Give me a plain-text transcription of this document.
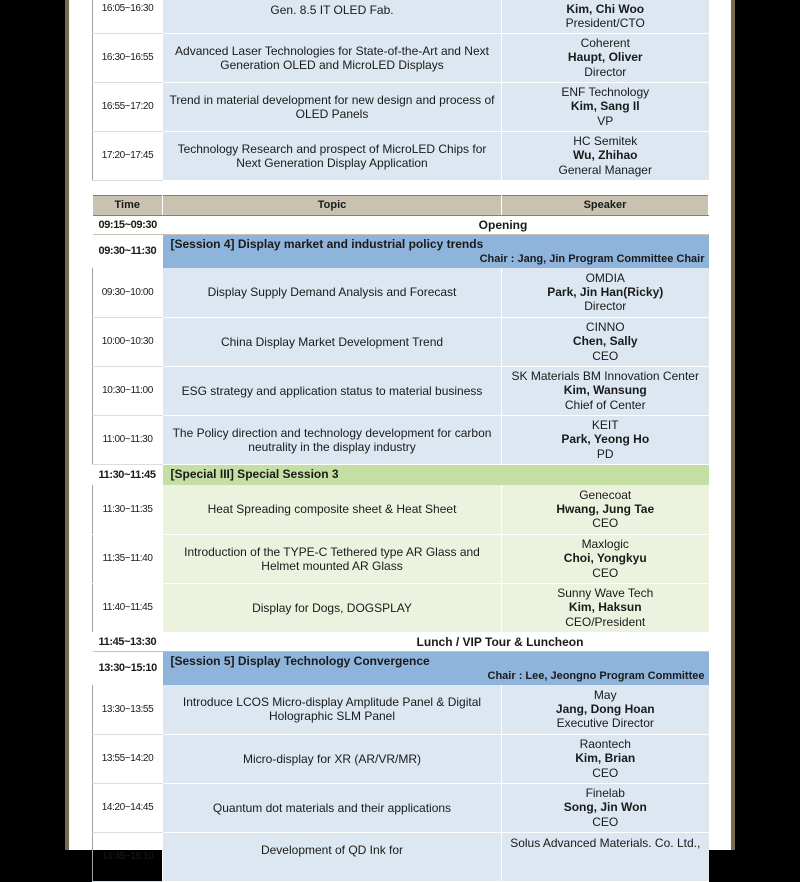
16:05~16:30	Gen. 8.5 IT OLED Fab.	Kim, Chi Woo
President/CTO
16:30~16:55	Advanced Laser Technologies for State-of-the-Art and Next Generation OLED and MicroLED Displays	Coherent
Haupt, Oliver
Director
16:55~17:20	Trend in material development for new design and process of OLED Panels	ENF Technology
Kim, Sang Il
VP
17:20~17:45	Technology Research and prospect of MicroLED Chips for Next Generation Display Application	HC Semitek
Wu, Zhihao
General Manager
Time	Topic	Speaker
09:15~09:30	Opening	
09:30~11:30	[Session 4] Display market and industrial policy trends
Chair : Jang, Jin Program Committee Chair	

09:30~10:00	Display Supply Demand Analysis and Forecast	OMDIA
Park, Jin Han(Ricky)
Director
10:00~10:30	China Display Market Development Trend	CINNO
Chen, Sally
CEO
10:30~11:00	ESG strategy and application status to material business	SK Materials BM Innovation Center
Kim, Wansung
Chief of Center
11:00~11:30	The Policy direction and technology development for carbon neutrality in the display industry	KEIT
Park, Yeong Ho
PD
11:30~11:45	[Special III] Special Session 3	

11:30~11:35	Heat Spreading composite sheet & Heat Sheet	Genecoat
Hwang, Jung Tae
CEO
11:35~11:40	Introduction of the TYPE-C Tethered type AR Glass and Helmet mounted AR Glass	Maxlogic
Choi, Yongkyu
CEO
11:40~11:45	Display for Dogs, DOGSPLAY	Sunny Wave Tech
Kim, Haksun
CEO/President
11:45~13:30	Lunch / VIP Tour & Luncheon	
13:30~15:10	[Session 5] Display Technology Convergence
Chair : Lee, Jeongno Program Committee	

13:30~13:55	Introduce LCOS Micro-display Amplitude Panel & Digital Holographic SLM Panel	May
Jang, Dong Hoan
Executive Director
13:55~14:20	Micro-display for XR (AR/VR/MR)	Raontech
Kim, Brian
CEO
14:20~14:45	Quantum dot materials and their applications	Finelab
Song, Jin Won
CEO
14:45~15:10	Development of QD Ink for	Solus Advanced Materials. Co. Ltd.,
